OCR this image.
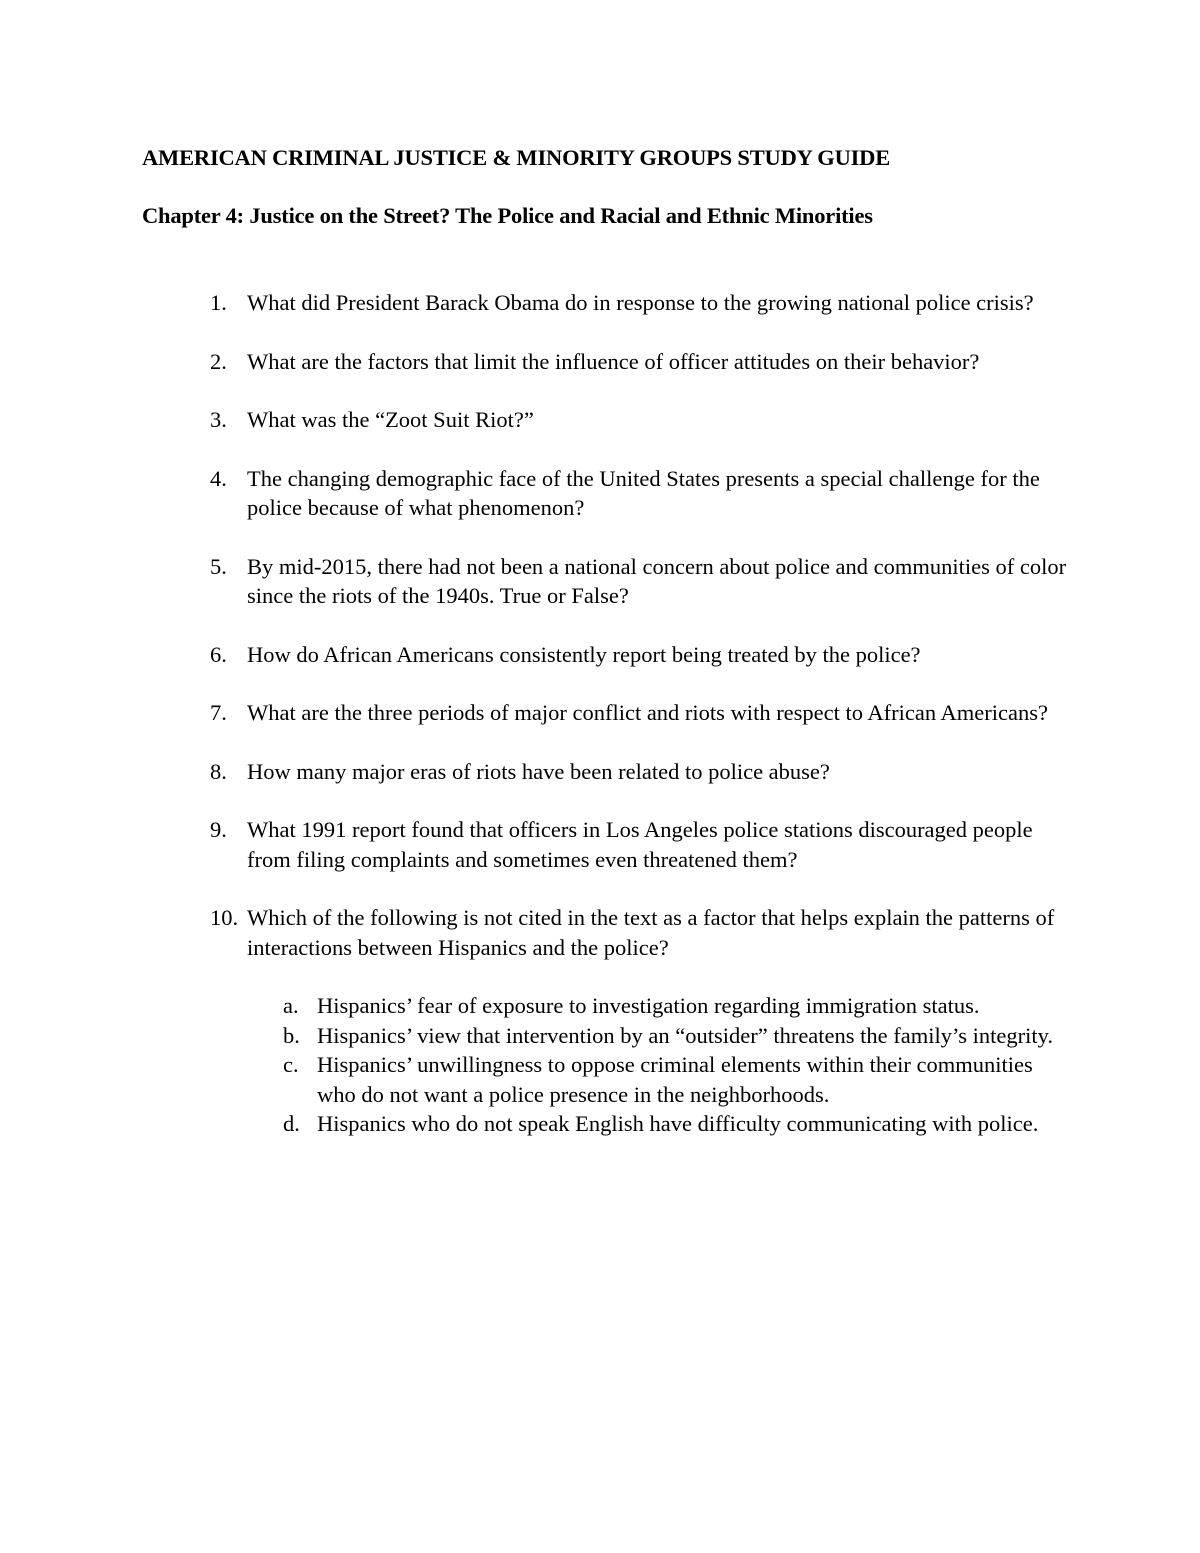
AMERICAN CRIMINAL JUSTICE & MINORITY GROUPS STUDY GUIDE
Chapter 4: Justice on the Street? The Police and Racial and Ethnic Minorities
1. What did President Barack Obama do in response to the growing national police crisis?
2. What are the factors that limit the influence of officer attitudes on their behavior?
3. What was the “Zoot Suit Riot?”
4. The changing demographic face of the United States presents a special challenge for the police because of what phenomenon?
5. By mid-2015, there had not been a national concern about police and communities of color since the riots of the 1940s. True or False?
6. How do African Americans consistently report being treated by the police?
7. What are the three periods of major conflict and riots with respect to African Americans?
8. How many major eras of riots have been related to police abuse?
9. What 1991 report found that officers in Los Angeles police stations discouraged people from filing complaints and sometimes even threatened them?
10. Which of the following is not cited in the text as a factor that helps explain the patterns of interactions between Hispanics and the police?
a. Hispanics’ fear of exposure to investigation regarding immigration status.
b. Hispanics’ view that intervention by an “outsider” threatens the family’s integrity.
c. Hispanics’ unwillingness to oppose criminal elements within their communities who do not want a police presence in the neighborhoods.
d. Hispanics who do not speak English have difficulty communicating with police.
